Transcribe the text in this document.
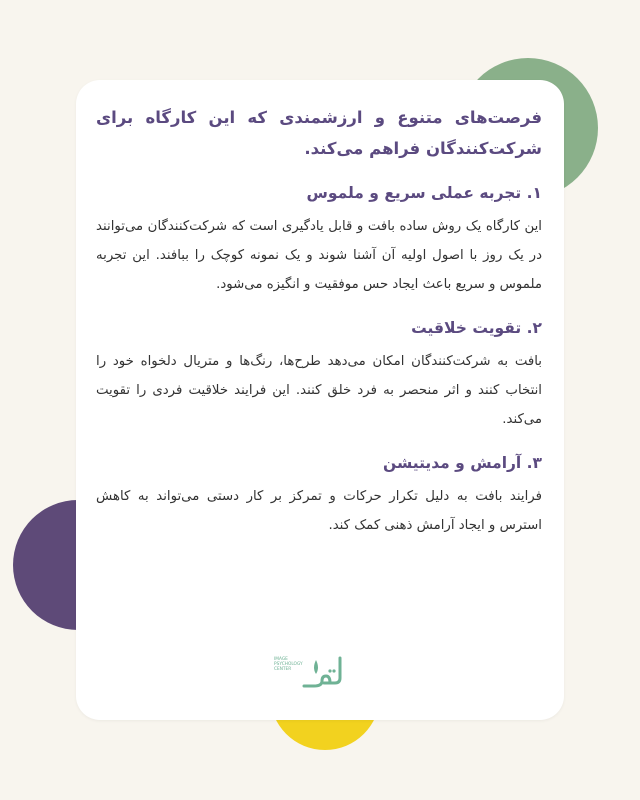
فرصت‌های متنوع و ارزشمندی که این کارگاه برای شرکت‌کنندگان فراهم می‌کند.

۱. تجربه عملی سریع و ملموس

این کارگاه یک روش ساده بافت و قابل یادگیری است که شرکت‌کنندگان می‌توانند در یک روز با اصول اولیه آن آشنا شوند و یک نمونه کوچک را ببافند. این تجربه ملموس و سریع باعث ایجاد حس موفقیت و انگیزه می‌شود.

۲. تقویت خلاقیت

بافت به شرکت‌کنندگان امکان می‌دهد طرح‌ها، رنگ‌ها و متریال دلخواه خود را انتخاب کنند و اثر منحصر به فرد خلق کنند. این فرایند خلاقیت فردی را تقویت می‌کند.

۳. آرامش و مدیتیشن

فرایند بافت به دلیل تکرار حرکات و تمرکز بر کار دستی می‌تواند به کاهش استرس و ایجاد آرامش ذهنی کمک کند.

IMAGE
PSYCHOLOGY
CENTER
